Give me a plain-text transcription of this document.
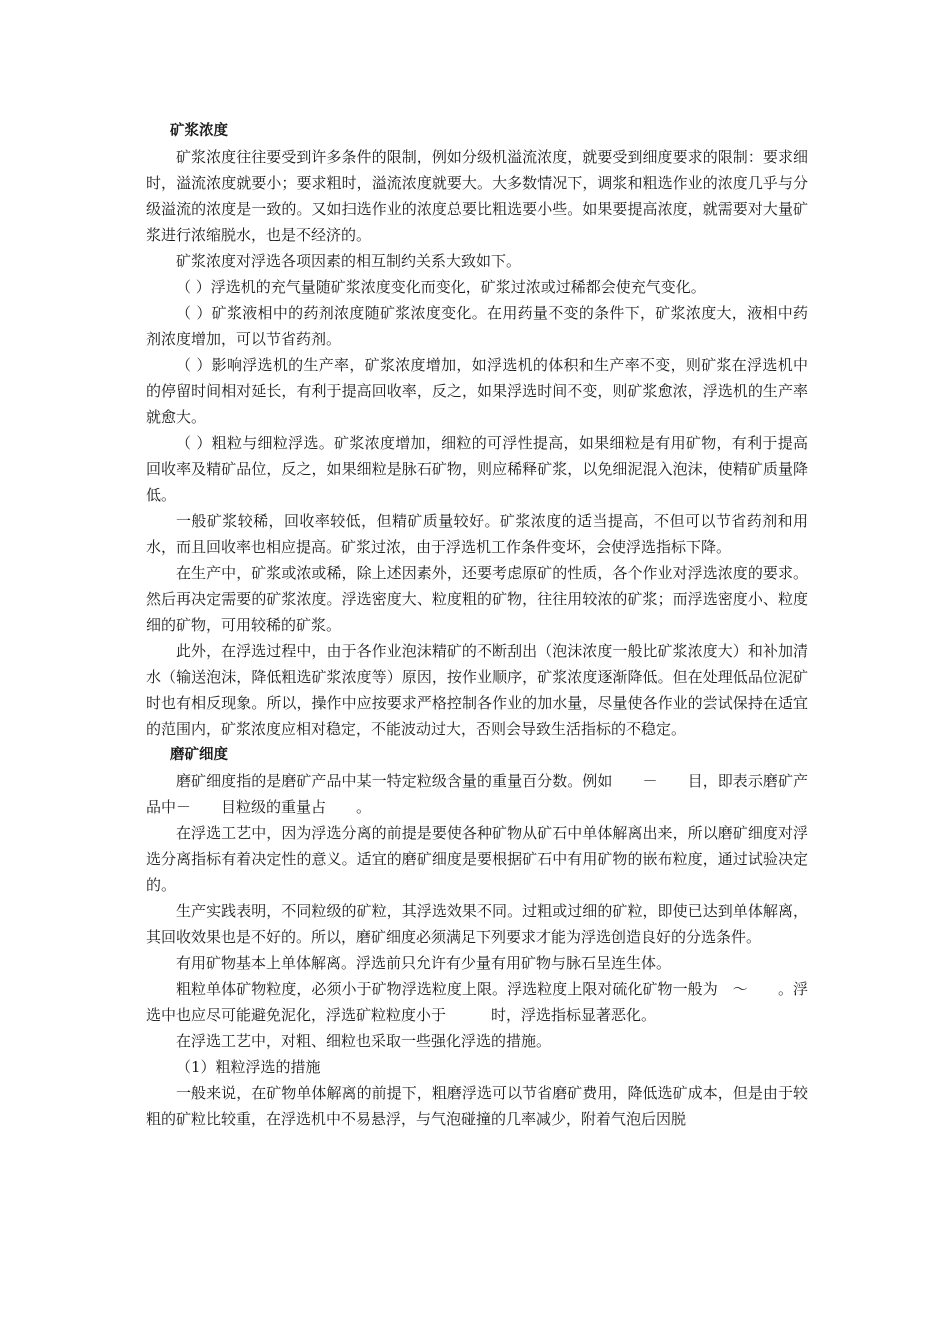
矿浆浓度

矿浆浓度往往要受到许多条件的限制，例如分级机溢流浓度，就要受到细度要求的限制：要求细时，溢流浓度就要小；要求粗时，溢流浓度就要大。大多数情况下，调浆和粗选作业的浓度几乎与分级溢流的浓度是一致的。又如扫选作业的浓度总要比粗选要小些。如果要提高浓度，就需要对大量矿浆进行浓缩脱水，也是不经济的。

矿浆浓度对浮选各项因素的相互制约关系大致如下。

（ ）浮选机的充气量随矿浆浓度变化而变化，矿浆过浓或过稀都会使充气变化。

（ ）矿浆液相中的药剂浓度随矿浆浓度变化。在用药量不变的条件下，矿浆浓度大，液相中药剂浓度增加，可以节省药剂。

（ ）影响浮选机的生产率，矿浆浓度增加，如浮选机的体积和生产率不变，则矿浆在浮选机中的停留时间相对延长，有利于提高回收率，反之，如果浮选时间不变，则矿浆愈浓，浮选机的生产率就愈大。

（ ）粗粒与细粒浮选。矿浆浓度增加，细粒的可浮性提高，如果细粒是有用矿物，有利于提高回收率及精矿品位，反之，如果细粒是脉石矿物，则应稀释矿浆，以免细泥混入泡沫，使精矿质量降低。

一般矿浆较稀，回收率较低，但精矿质量较好。矿浆浓度的适当提高，不但可以节省药剂和用水，而且回收率也相应提高。矿浆过浓，由于浮选机工作条件变坏，会使浮选指标下降。

在生产中，矿浆或浓或稀，除上述因素外，还要考虑原矿的性质，各个作业对浮选浓度的要求。然后再决定需要的矿浆浓度。浮选密度大、粒度粗的矿物，往往用较浓的矿浆；而浮选密度小、粒度细的矿物，可用较稀的矿浆。

此外，在浮选过程中，由于各作业泡沫精矿的不断刮出（泡沫浓度一般比矿浆浓度大）和补加清水（输送泡沫，降低粗选矿浆浓度等）原因，按作业顺序，矿浆浓度逐渐降低。但在处理低品位泥矿时也有相反现象。所以，操作中应按要求严格控制各作业的加水量，尽量使各作业的尝试保持在适宜的范围内，矿浆浓度应相对稳定，不能波动过大，否则会导致生活指标的不稳定。

磨矿细度

磨矿细度指的是磨矿产品中某一特定粒级含量的重量百分数。例如　　－　　目，即表示磨矿产品中－　　目粒级的重量占　　。

在浮选工艺中，因为浮选分离的前提是要使各种矿物从矿石中单体解离出来，所以磨矿细度对浮选分离指标有着决定性的意义。适宜的磨矿细度是要根据矿石中有用矿物的嵌布粒度，通过试验决定的。

生产实践表明，不同粒级的矿粒，其浮选效果不同。过粗或过细的矿粒，即使已达到单体解离，其回收效果也是不好的。所以，磨矿细度必须满足下列要求才能为浮选创造良好的分选条件。

有用矿物基本上单体解离。浮选前只允许有少量有用矿物与脉石呈连生体。

粗粒单体矿物粒度，必须小于矿物浮选粒度上限。浮选粒度上限对硫化矿物一般为　～　　。浮选中也应尽可能避免泥化，浮选矿粒粒度小于　　　时，浮选指标显著恶化。

在浮选工艺中，对粗、细粒也采取一些强化浮选的措施。

（1）粗粒浮选的措施

一般来说，在矿物单体解离的前提下，粗磨浮选可以节省磨矿费用，降低选矿成本，但是由于较粗的矿粒比较重，在浮选机中不易悬浮，与气泡碰撞的几率减少，附着气泡后因脱
